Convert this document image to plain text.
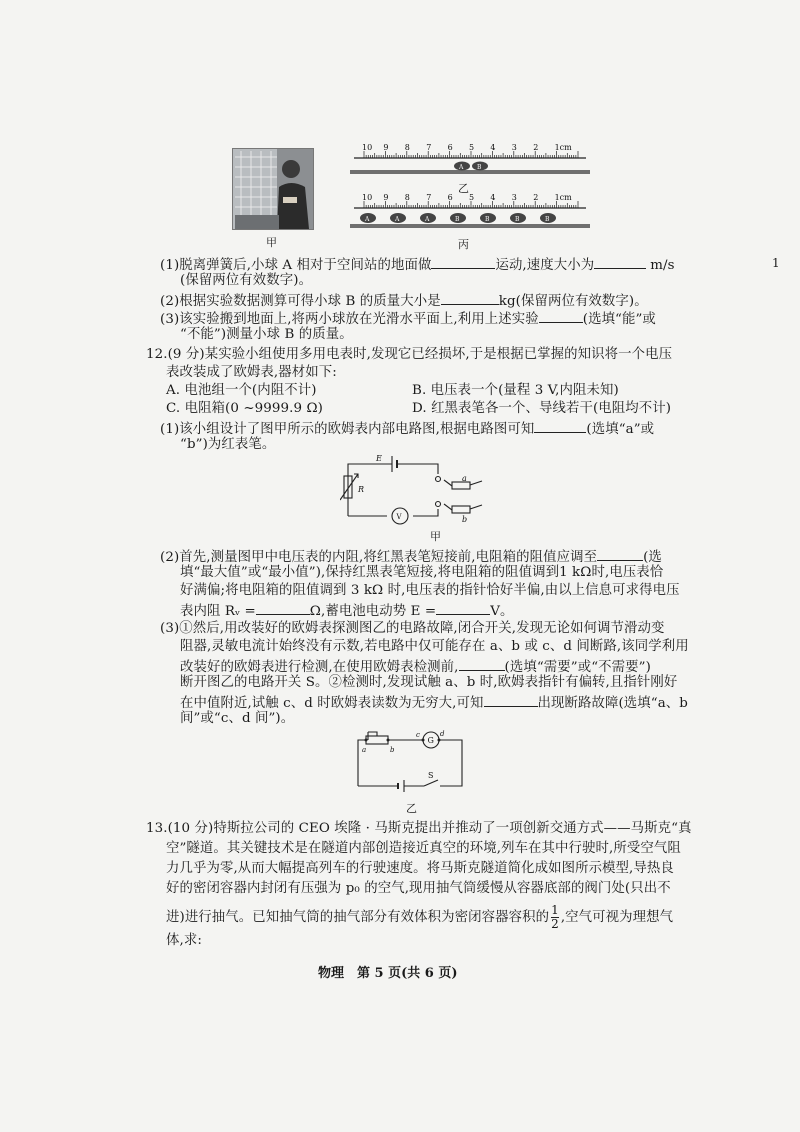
甲
10 9 8 7 6 5 4 3 2 1cm
A B
乙
10 9 8 7 6 5 4 3 2 1cm
A	A	A	B	B	B	B
丙
(1)脱离弹簧后,小球 A 相对于空间站的地面做	运动,速度大小为	m/s
(保留两位有效数字)。
(2)根据实验数据测算可得小球 B 的质量大小是	kg(保留两位有效数字)。
(3)该实验搬到地面上,将两小球放在光滑水平面上,利用上述实验	(选填“能”或
“不能”)测量小球 B 的质量。
12.(9 分)某实验小组使用多用电表时,发现它已经损坏,于是根据已掌握的知识将一个电压
表改装成了欧姆表,器材如下:
A. 电池组一个(内阻不计)	B. 电压表一个(量程 3 V,内阻未知)
C. 电阻箱(0 ~9999.9 Ω)	D. 红黑表笔各一个、导线若干(电阻均不计)
(1)该小组设计了图甲所示的欧姆表内部电路图,根据电路图可知	(选填“a”或
“b”)为红表笔。
E
R
V
a
b
甲
(2)首先,测量图甲中电压表的内阻,将红黑表笔短接前,电阻箱的阻值应调至	(选
填“最大值”或“最小值”),保持红黑表笔短接,将电阻箱的阻值调到1 kΩ时,电压表恰
好满偏;将电阻箱的阻值调到 3 kΩ 时,电压表的指针恰好半偏,由以上信息可求得电压
表内阻 Rᵥ =	Ω,蓄电池电动势 E =	V。
(3)①然后,用改装好的欧姆表探测图乙的电路故障,闭合开关,发现无论如何调节滑动变
阻器,灵敏电流计始终没有示数,若电路中仅可能存在 a、b 或 c、d 间断路,该同学利用
改装好的欧姆表进行检测,在使用欧姆表检测前,	(选填“需要”或“不需要”)
断开图乙的电路开关 S。②检测时,发现试触 a、b 时,欧姆表指针有偏转,且指针刚好
在中值附近,试触 c、d 时欧姆表读数为无穷大,可知	出现断路故障(选填“a、b
间”或“c、d 间”)。
a	b
c	d
G
S
乙
13.(10 分)特斯拉公司的 CEO 埃隆 · 马斯克提出并推动了一项创新交通方式——马斯克“真
空”隧道。其关键技术是在隧道内部创造接近真空的环境,列车在其中行驶时,所受空气阻
力几乎为零,从而大幅提高列车的行驶速度。将马斯克隧道简化成如图所示模型,导热良
好的密闭容器内封闭有压强为 p₀ 的空气,现用抽气筒缓慢从容器底部的阀门处(只出不
进)进行抽气。已知抽气筒的抽气部分有效体积为密闭容器容积的 $\frac{1}{2}$ ,空气可视为理想气
体,求:
物理　第 5 页(共 6 页)
1
